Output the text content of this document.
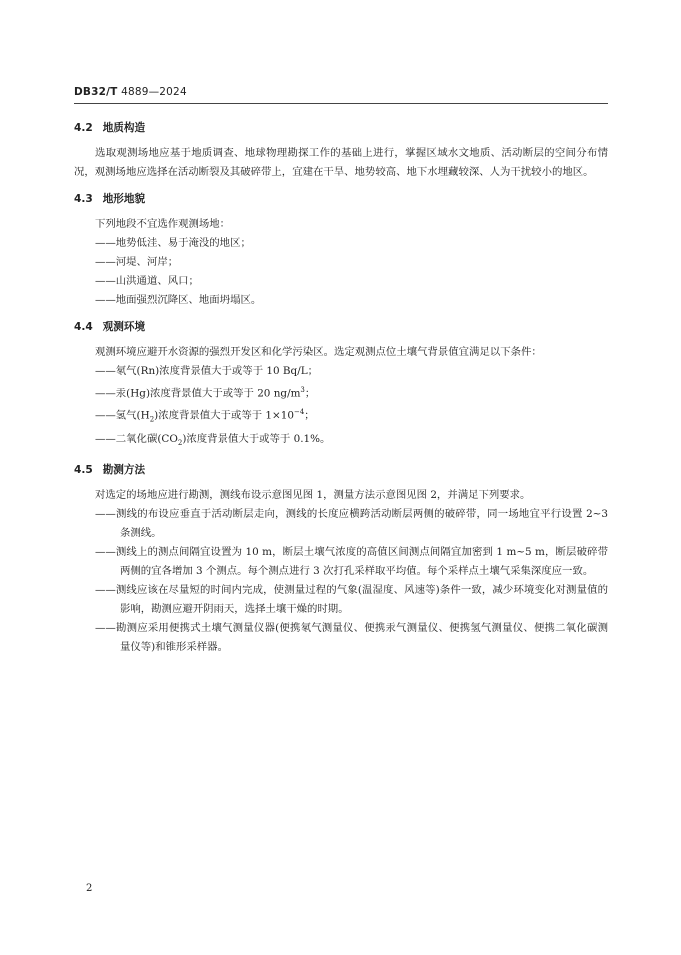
DB32/T 4889—2024
4.2 地质构造

选取观测场地应基于地质调查、地球物理勘探工作的基础上进行，掌握区域水文地质、活动断层的空间分布情况，观测场地应选择在活动断裂及其破碎带上，宜建在干旱、地势较高、地下水埋藏较深、人为干扰较小的地区。

4.3 地形地貌

下列地段不宜选作观测场地：

——地势低洼、易于淹没的地区；

——河堤、河岸；

——山洪通道、风口；

——地面强烈沉降区、地面坍塌区。

4.4 观测环境

观测环境应避开水资源的强烈开发区和化学污染区。选定观测点位土壤气背景值宜满足以下条件：

——氡气(Rn)浓度背景值大于或等于 10 Bq/L；

——汞(Hg)浓度背景值大于或等于 20 $ng/m^3$；

——氢气$(H_2)$浓度背景值大于或等于 $1\times 10^{-4}$；

——二氧化碳$(CO_2)$浓度背景值大于或等于 0.1%。

4.5 勘测方法

对选定的场地应进行勘测，测线布设示意图见图 1，测量方法示意图见图 2，并满足下列要求。

——测线的布设应垂直于活动断层走向，测线的长度应横跨活动断层两侧的破碎带，同一场地宜平行设置 2~3 条测线。

——测线上的测点间隔宜设置为 10 m，断层土壤气浓度的高值区间测点间隔宜加密到 1 m~5 m，断层破碎带两侧的宜各增加 3 个测点。每个测点进行 3 次打孔采样取平均值。每个采样点土壤气采集深度应一致。

——测线应该在尽量短的时间内完成，使测量过程的气象(温湿度、风速等)条件一致，减少环境变化对测量值的影响，勘测应避开阴雨天，选择土壤干燥的时期。

——勘测应采用便携式土壤气测量仪器(便携氡气测量仪、便携汞气测量仪、便携氢气测量仪、便携二氧化碳测量仪等)和锥形采样器。

2
